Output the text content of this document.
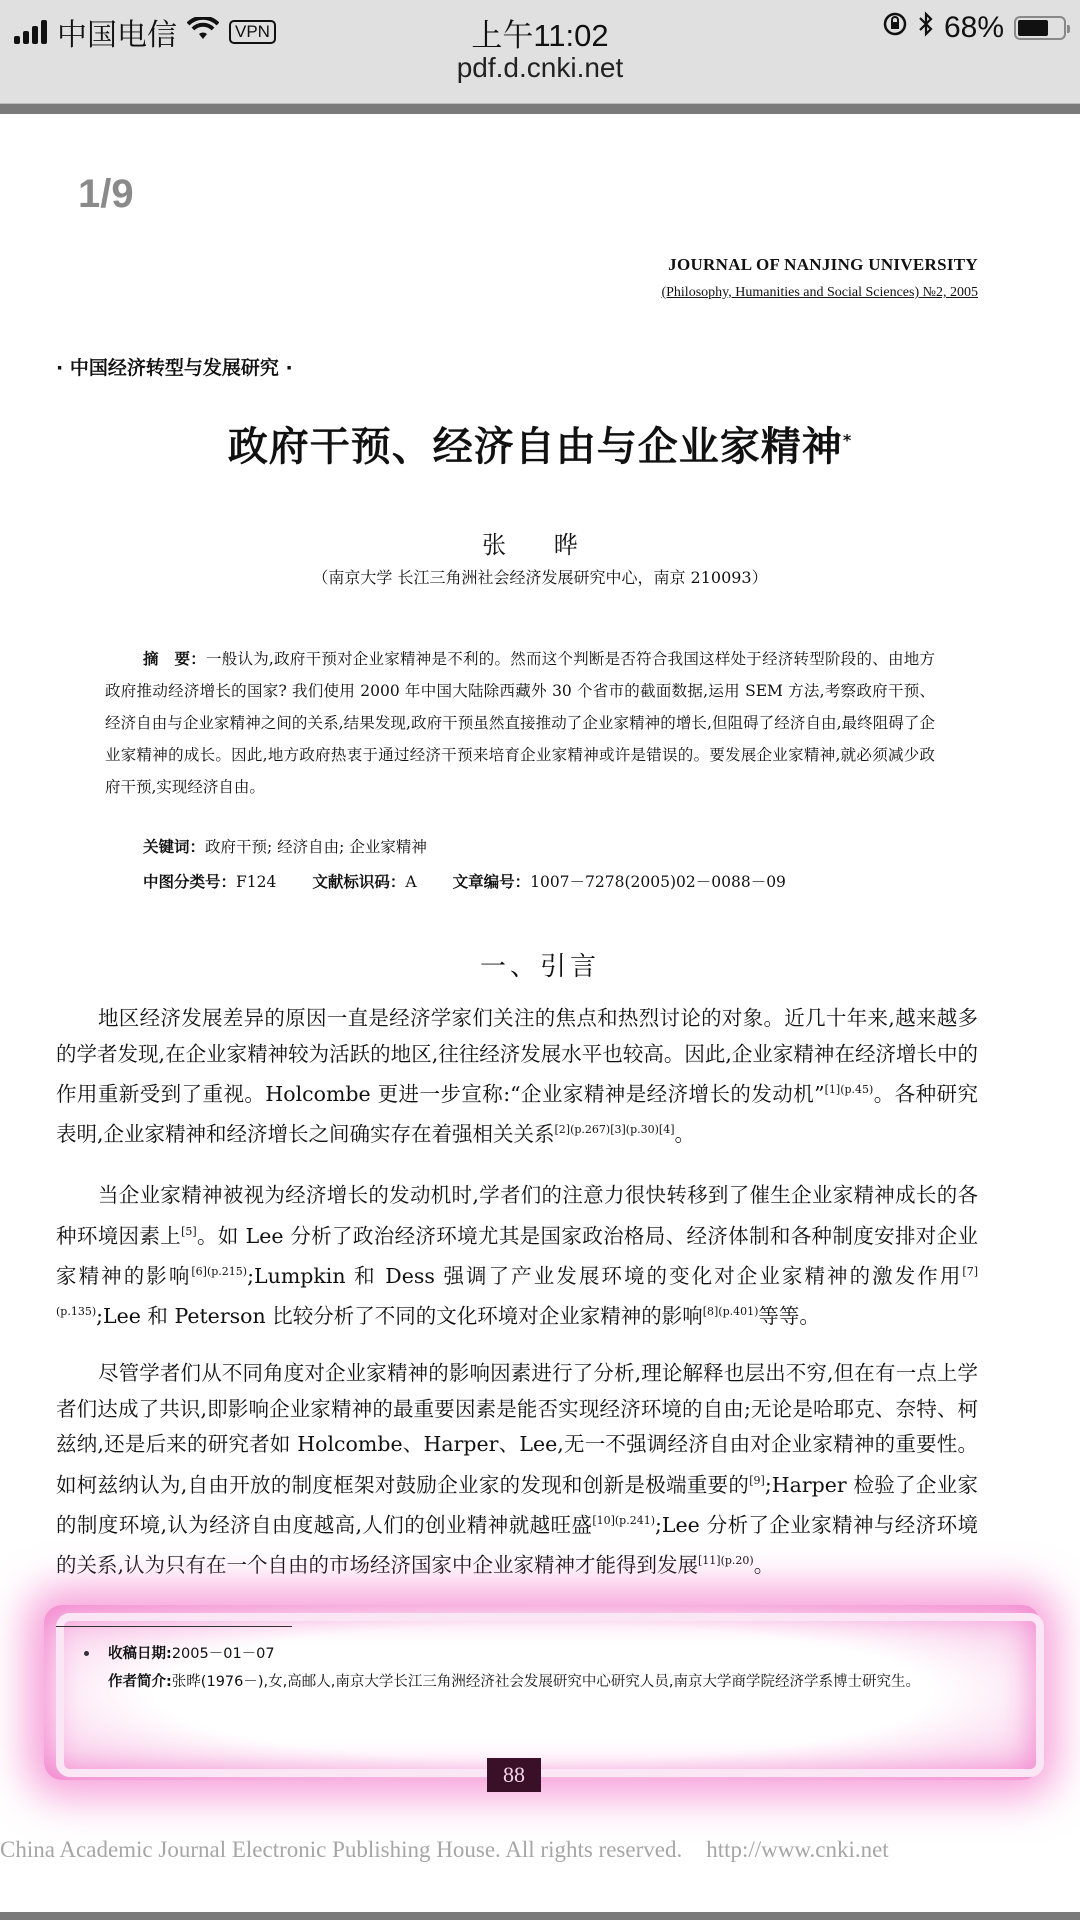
中国电信	VPN	上午11:02	68%
pdf.d.cnki.net
1/9
JOURNAL OF NANJING UNIVERSITY
(Philosophy, Humanities and Social Sciences) №2, 2005
· 中国经济转型与发展研究 ·
政府干预、经济自由与企业家精神*
张 晔
（南京大学 长江三角洲社会经济发展研究中心，南京 210093）
摘　要：一般认为,政府干预对企业家精神是不利的。然而这个判断是否符合我国这样处于经济转型阶段的、由地方政府推动经济增长的国家? 我们使用 2000 年中国大陆除西藏外 30 个省市的截面数据,运用 SEM 方法,考察政府干预、经济自由与企业家精神之间的关系,结果发现,政府干预虽然直接推动了企业家精神的增长,但阻碍了经济自由,最终阻碍了企业家精神的成长。因此,地方政府热衷于通过经济干预来培育企业家精神或许是错误的。要发展企业家精神,就必须减少政府干预,实现经济自由。
关键词：政府干预; 经济自由; 企业家精神
中图分类号：F124 文献标识码：A 文章编号：1007－7278(2005)02－0088－09
一、引言

地区经济发展差异的原因一直是经济学家们关注的焦点和热烈讨论的对象。近几十年来,越来越多的学者发现,在企业家精神较为活跃的地区,往往经济发展水平也较高。因此,企业家精神在经济增长中的作用重新受到了重视。Holcombe 更进一步宣称:“企业家精神是经济增长的发动机”$^{[1](p.45)}$。各种研究表明,企业家精神和经济增长之间确实存在着强相关关系[2](p.267)[3](p.30)[4]。

当企业家精神被视为经济增长的发动机时,学者们的注意力很快转移到了催生企业家精神成长的各种环境因素上[5]。如 Lee 分析了政治经济环境尤其是国家政治格局、经济体制和各种制度安排对企业家精神的影响$^{[6](p.215)}$;Lumpkin 和 Dess 强调了产业发展环境的变化对企业家精神的激发作用$^{[7](p.135)}$;Lee 和 Peterson 比较分析了不同的文化环境对企业家精神的影响$^{[8](p.401)}$等等。

尽管学者们从不同角度对企业家精神的影响因素进行了分析,理论解释也层出不穷,但在有一点上学者们达成了共识,即影响企业家精神的最重要因素是能否实现经济环境的自由;无论是哈耶克、奈特、柯兹纳,还是后来的研究者如 Holcombe、Harper、Lee,无一不强调经济自由对企业家精神的重要性。如柯兹纳认为,自由开放的制度框架对鼓励企业家的发现和创新是极端重要的[9];Harper 检验了企业家的制度环境,认为经济自由度越高,人们的创业精神就越旺盛$^{[10](p.241)}$;Lee 分析了企业家精神与经济环境的关系,认为只有在一个自由的市场经济国家中企业家精神才能得到发展$^{[11](p.20)}$。

收稿日期:2005－01－07
作者简介:张晔(1976－),女,高邮人,南京大学长江三角洲经济社会发展研究中心研究人员,南京大学商学院经济学系博士研究生。
88
China Academic Journal Electronic Publishing House. All rights reserved. http://www.cnki.net
